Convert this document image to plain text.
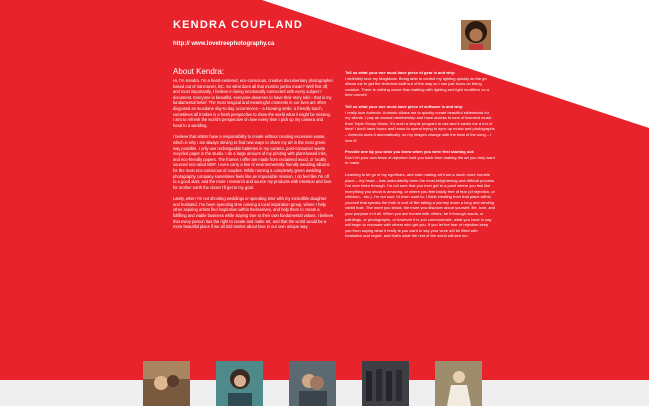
KENDRA COUPLAND
http:// www.lovetreephotography.ca
About Kendra:

Hi, I'm Kendra. I'm a heart-centered, eco-conscious, creative documentary photographer based out of Vancouver, BC. So what does all that mumbo jumbo mean? Well first off, and most importantly, I believe in being emotionally connected with every subject I document. Everyone is beautiful, everyone deserves to have their story told – that is my fundamental belief. The most magical and meaningful moments in our lives are often disguised as mundane day-to-day occurrences – a knowing smile, a friendly touch, sometimes all it takes is a fresh perspective to show the world what it might be missing. I aim to refresh the world's perspective on love every time I pick up my camera and head to a wedding.

I believe that artists have a responsibility to create without creating excessive waste, which is why I am always striving to find new ways to share my art in the most green way possible. I only use rechargeable batteries in my camera, post-consumer waste recycled paper in the studio. I do a large amount of my printing with plant-based inks, and eco-friendly papers. The frames I offer are made from reclaimed wood, or locally sourced eco-rated MDF. I even carry a line of environmentally friendly wedding albums for the most eco-conscious of couples. While running a completely green wedding photography company sometimes feels like an impossible mission, I do feel like I'm off to a good start, and the more I research and source my products with intention and love for mother earth the closer I'll get to my goal.

Lately, when I'm not shooting weddings or spending time with my incredible daughter and husband, I've been spending time running a local inspiration group, where I help other aspiring artists find inspiration within themselves, and help them to create a fulfilling and viable business while staying true to their own fundamental values. I believe that every person has the right to create and make art, and that the world would be a more beautiful place if we all told stories about love in our own unique way.

Tell us what your one must-have piece of gear is and why:
I definitely love my MagMods. Being able to control my lighting quickly on the go allows me to get the technical stuff out of the way so I can just focus on being creative. There is nothing worse than battling with lighting and light modifiers on a time crunch!
Tell us what your one must-have piece of software is and why:
I really love Animoto. Animoto allows me to quickly create beautiful slideshows for my clients. I pay an annual membership and have access to tons of licensed music from Triple Scoop Music. It's such a simple program to use and it saves me a ton of time! I don't have hours and hours to spend trying to sync up music and photographs – Animoto does it automatically, so my images change with the beat of the song – I love it!
Provide one tip you wish you knew when you were first starting out:
Don't let your own fears of rejection hold you back from making the art you truly want to make.
Learning to let go of my ego/fears, and start making art from a much more humble place – my heart – has undoubtedly been the most enlightening and difficult process I've ever been through. I'm not sure that you ever get to a point where you feel like everything you shoot is amazing, or where you feel totally free of fear (of rejection, or criticism... etc.). I'm not sure I'd even want to. I think creating from that place within yourself that speaks the truth is sort of like taking a journey down a long and winding rabbit hole. The more you shoot, the more you discover about yourself, life, love, and your purpose in it all. When you are honest with others, be it through words, or paintings, or photographs, or however it is you communicate, what you have to say will begin to resonate with others who get you. If you let the fear of rejection keep you from saying what it really is you want to say your work will be filled with hesitation and regret, and that's what the rest of the world will see too.
